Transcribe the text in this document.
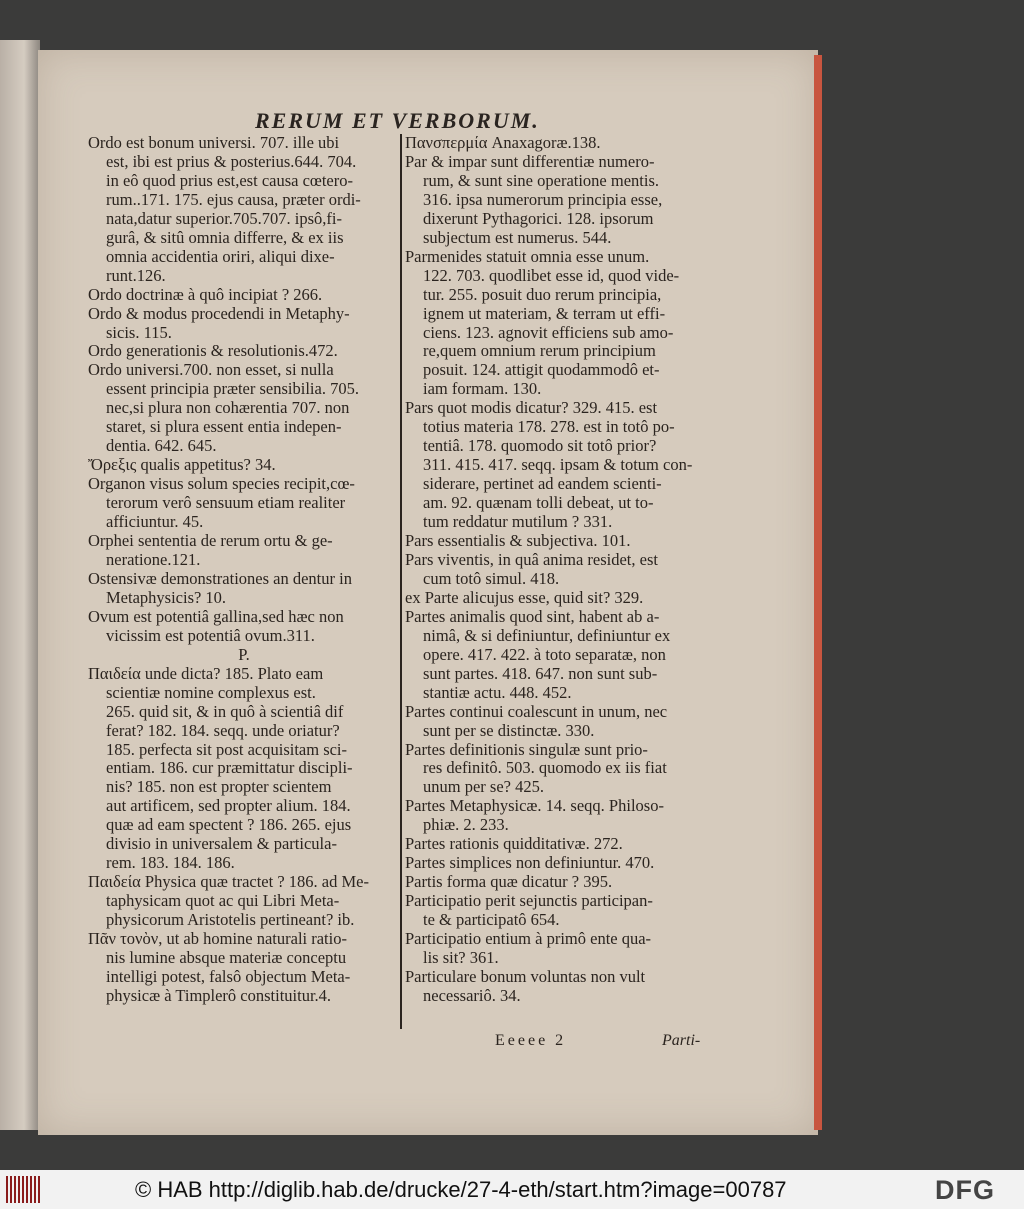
RERUM ET VERBORUM.
Ordo est bonum universi. 707. ille ubi
est, ibi est prius & posterius.644. 704.
in eô quod prius est,est causa cœtero-
rum..171. 175. ejus causa, præter ordi-
nata,datur superior.705.707. ipsô,fi-
gurâ, & sitû omnia differre, & ex iis
omnia accidentia oriri, aliqui dixe-
runt.126.
Ordo doctrinæ à quô incipiat ? 266.
Ordo & modus procedendi in Metaphy-
sicis. 115.
Ordo generationis & resolutionis.472.
Ordo universi.700. non esset, si nulla
essent principia præter sensibilia. 705.
nec,si plura non cohærentia 707. non
staret, si plura essent entia indepen-
dentia. 642. 645.
Ὄρεξις qualis appetitus? 34.
Organon visus solum species recipit,cœ-
terorum verô sensuum etiam realiter
afficiuntur. 45.
Orphei sententia de rerum ortu & ge-
neratione.121.
Ostensivæ demonstrationes an dentur in
Metaphysicis? 10.
Ovum est potentiâ gallina,sed hæc non
vicissim est potentiâ ovum.311.
P.
Παιδεία unde dicta? 185. Plato eam
scientiæ nomine complexus est.
265. quid sit, & in quô à scientiâ dif
ferat? 182. 184. seqq. unde oriatur?
185. perfecta sit post acquisitam sci-
entiam. 186. cur præmittatur discipli-
nis? 185. non est propter scientem
aut artificem, sed propter alium. 184.
quæ ad eam spectent ? 186. 265. ejus
divisio in universalem & particula-
rem. 183. 184. 186.
Παιδεία Physica quæ tractet ? 186. ad Me-
taphysicam quot ac qui Libri Meta-
physicorum Aristotelis pertineant? ib.
Πᾶν τονὸν, ut ab homine naturali ratio-
nis lumine absque materiæ conceptu
intelligi potest, falsô objectum Meta-
physicæ à Timplerô constituitur.4.
Πανσπερμία Anaxagoræ.138.
Par & impar sunt differentiæ numero-
rum, & sunt sine operatione mentis.
316. ipsa numerorum principia esse,
dixerunt Pythagorici. 128. ipsorum
subjectum est numerus. 544.
Parmenides statuit omnia esse unum.
122. 703. quodlibet esse id, quod vide-
tur. 255. posuit duo rerum principia,
ignem ut materiam, & terram ut effi-
ciens. 123. agnovit efficiens sub amo-
re,quem omnium rerum principium
posuit. 124. attigit quodammodô et-
iam formam. 130.
Pars quot modis dicatur? 329. 415. est
totius materia 178. 278. est in totô po-
tentiâ. 178. quomodo sit totô prior?
311. 415. 417. seqq. ipsam & totum con-
siderare, pertinet ad eandem scienti-
am. 92. quænam tolli debeat, ut to-
tum reddatur mutilum ? 331.
Pars essentialis & subjectiva. 101.
Pars viventis, in quâ anima residet, est
cum totô simul. 418.
ex Parte alicujus esse, quid sit? 329.
Partes animalis quod sint, habent ab a-
nimâ, & si definiuntur, definiuntur ex
opere. 417. 422. à toto separatæ, non
sunt partes. 418. 647. non sunt sub-
stantiæ actu. 448. 452.
Partes continui coalescunt in unum, nec
sunt per se distinctæ. 330.
Partes definitionis singulæ sunt prio-
res definitô. 503. quomodo ex iis fiat
unum per se? 425.
Partes Metaphysicæ. 14. seqq. Philoso-
phiæ. 2. 233.
Partes rationis quidditativæ. 272.
Partes simplices non definiuntur. 470.
Partis forma quæ dicatur ? 395.
Participatio perit sejunctis participan-
te & participatô 654.
Participatio entium à primô ente qua-
lis sit? 361.
Particulare bonum voluntas non vult
necessariô. 34.
Eeeee 2	Parti-
© HAB http://diglib.hab.de/drucke/27-4-eth/start.htm?image=00787	DFG
